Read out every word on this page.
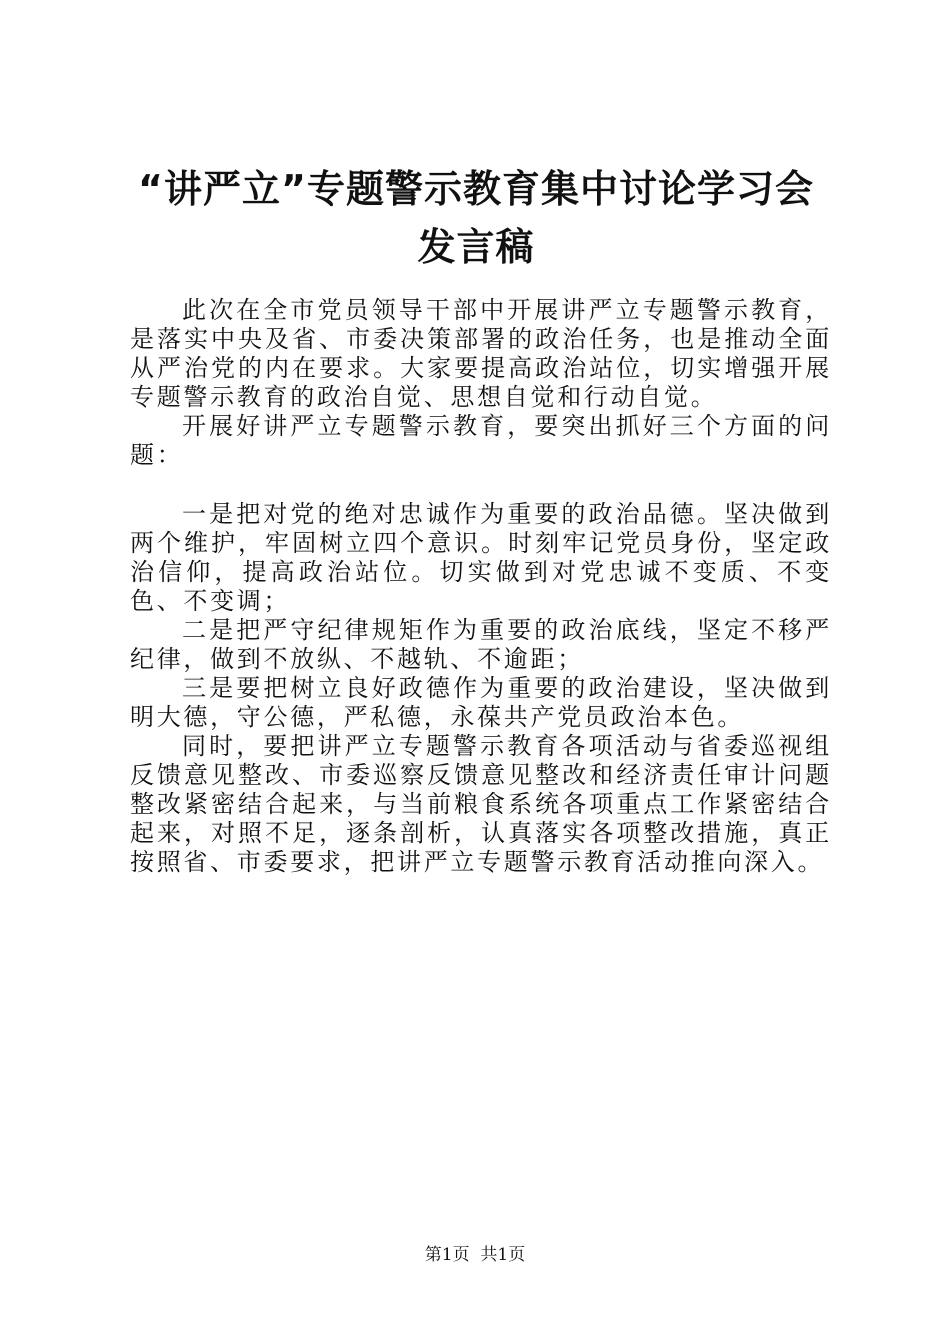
“讲严立”专题警示教育集中讨论学习会发言稿

此次在全市党员领导干部中开展讲严立专题警示教育，是落实中央及省、市委决策部署的政治任务，也是推动全面从严治党的内在要求。大家要提高政治站位，切实增强开展专题警示教育的政治自觉、思想自觉和行动自觉。

开展好讲严立专题警示教育，要突出抓好三个方面的问题：

一是把对党的绝对忠诚作为重要的政治品德。坚决做到两个维护，牢固树立四个意识。时刻牢记党员身份，坚定政治信仰，提高政治站位。切实做到对党忠诚不变质、不变色、不变调；

二是把严守纪律规矩作为重要的政治底线，坚定不移严纪律，做到不放纵、不越轨、不逾距；

三是要把树立良好政德作为重要的政治建设，坚决做到明大德，守公德，严私德，永葆共产党员政治本色。

同时，要把讲严立专题警示教育各项活动与省委巡视组反馈意见整改、市委巡察反馈意见整改和经济责任审计问题整改紧密结合起来，与当前粮食系统各项重点工作紧密结合起来，对照不足，逐条剖析，认真落实各项整改措施，真正按照省、市委要求，把讲严立专题警示教育活动推向深入。

第1页 共1页
